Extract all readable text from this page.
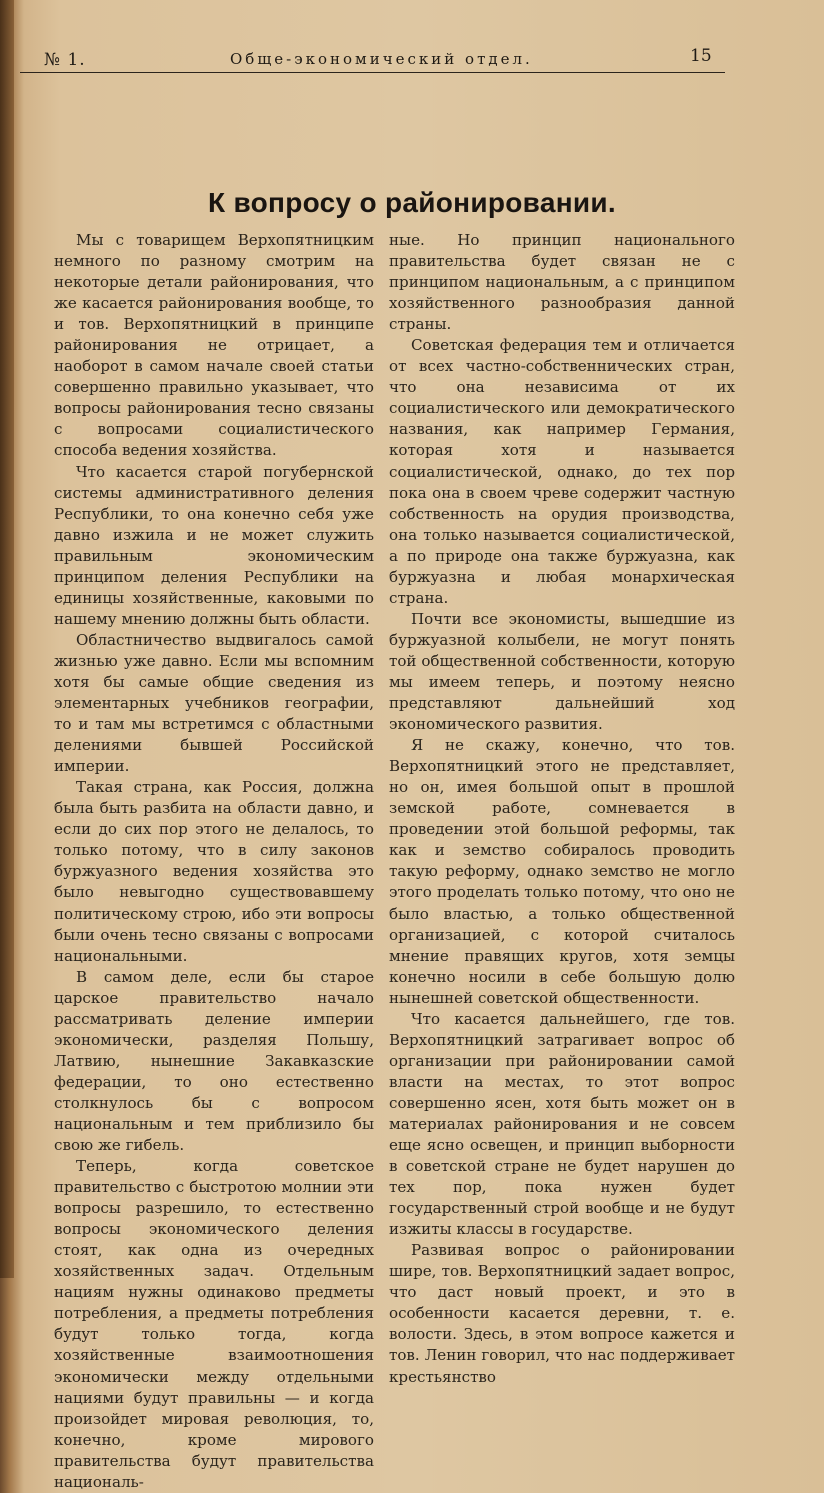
№ 1.	Обще-экономический отдел.	15
К вопросу о районировании.

Мы с товарищем Верхопятницким немного по разному смотрим на некоторые детали районирования, что же касается районирования вообще, то и тов. Верхопятницкий в принципе районирования не отрицает, а наоборот в самом начале своей статьи совершенно правильно указывает, что вопросы районирования тесно связаны с вопросами социалистического способа ведения хозяйства.

Что касается старой погубернской системы административного деления Республики, то она конечно себя уже давно изжила и не может служить правильным экономическим принципом деления Республики на единицы хозяйственные, каковыми по нашему мнению должны быть области.

Областничество выдвигалось самой жизнью уже давно. Если мы вспомним хотя бы самые общие сведения из элементарных учебников географии, то и там мы встретимся с областными делениями бывшей Российской империи.

Такая страна, как Россия, должна была быть разбита на области давно, и если до сих пор этого не делалось, то только потому, что в силу законов буржуазного ведения хозяйства это было невыгодно существовавшему политическому строю, ибо эти вопросы были очень тесно связаны с вопросами национальными.

В самом деле, если бы старое царское правительство начало рассматривать деление империи экономически, разделяя Польшу, Латвию, нынешние Закавказские федерации, то оно естественно столкнулось бы с вопросом национальным и тем приблизило бы свою же гибель.

Теперь, когда советское правительство с быстротою молнии эти вопросы разрешило, то естественно вопросы экономического деления стоят, как одна из очередных хозяйственных задач. Отдельным нациям нужны одинаково предметы потребления, а предметы потребления будут только тогда, когда хозяйственные взаимоотношения экономически между отдельными нациями будут правильны — и когда произойдет мировая революция, то, конечно, кроме мирового правительства будут правительства националь-

ные. Но принцип национального правительства будет связан не с принципом национальным, а с принципом хозяйственного разнообразия данной страны.

Советская федерация тем и отличается от всех частно-собственнических стран, что она независима от их социалистического или демократического названия, как например Германия, которая хотя и называется социалистической, однако, до тех пор пока она в своем чреве содержит частную собственность на орудия производства, она только называется социалистической, а по природе она также буржуазна, как буржуазна и любая монархическая страна.

Почти все экономисты, вышедшие из буржуазной колыбели, не могут понять той общественной собственности, которую мы имеем теперь, и поэтому неясно представляют дальнейший ход экономического развития.

Я не скажу, конечно, что тов. Верхопятницкий этого не представляет, но он, имея большой опыт в прошлой земской работе, сомневается в проведении этой большой реформы, так как и земство собиралось проводить такую реформу, однако земство не могло этого проделать только потому, что оно не было властью, а только общественной организацией, с которой считалось мнение правящих кругов, хотя земцы конечно носили в себе большую долю нынешней советской общественности.

Что касается дальнейшего, где тов. Верхопятницкий затрагивает вопрос об организации при районировании самой власти на местах, то этот вопрос совершенно ясен, хотя быть может он в материалах районирования и не совсем еще ясно освещен, и принцип выборности в советской стране не будет нарушен до тех пор, пока нужен будет государственный строй вообще и не будут изжиты классы в государстве.

Развивая вопрос о районировании шире, тов. Верхопятницкий задает вопрос, что даст новый проект, и это в особенности касается деревни, т. е. волости. Здесь, в этом вопросе кажется и тов. Ленин говорил, что нас поддерживает крестьянство
